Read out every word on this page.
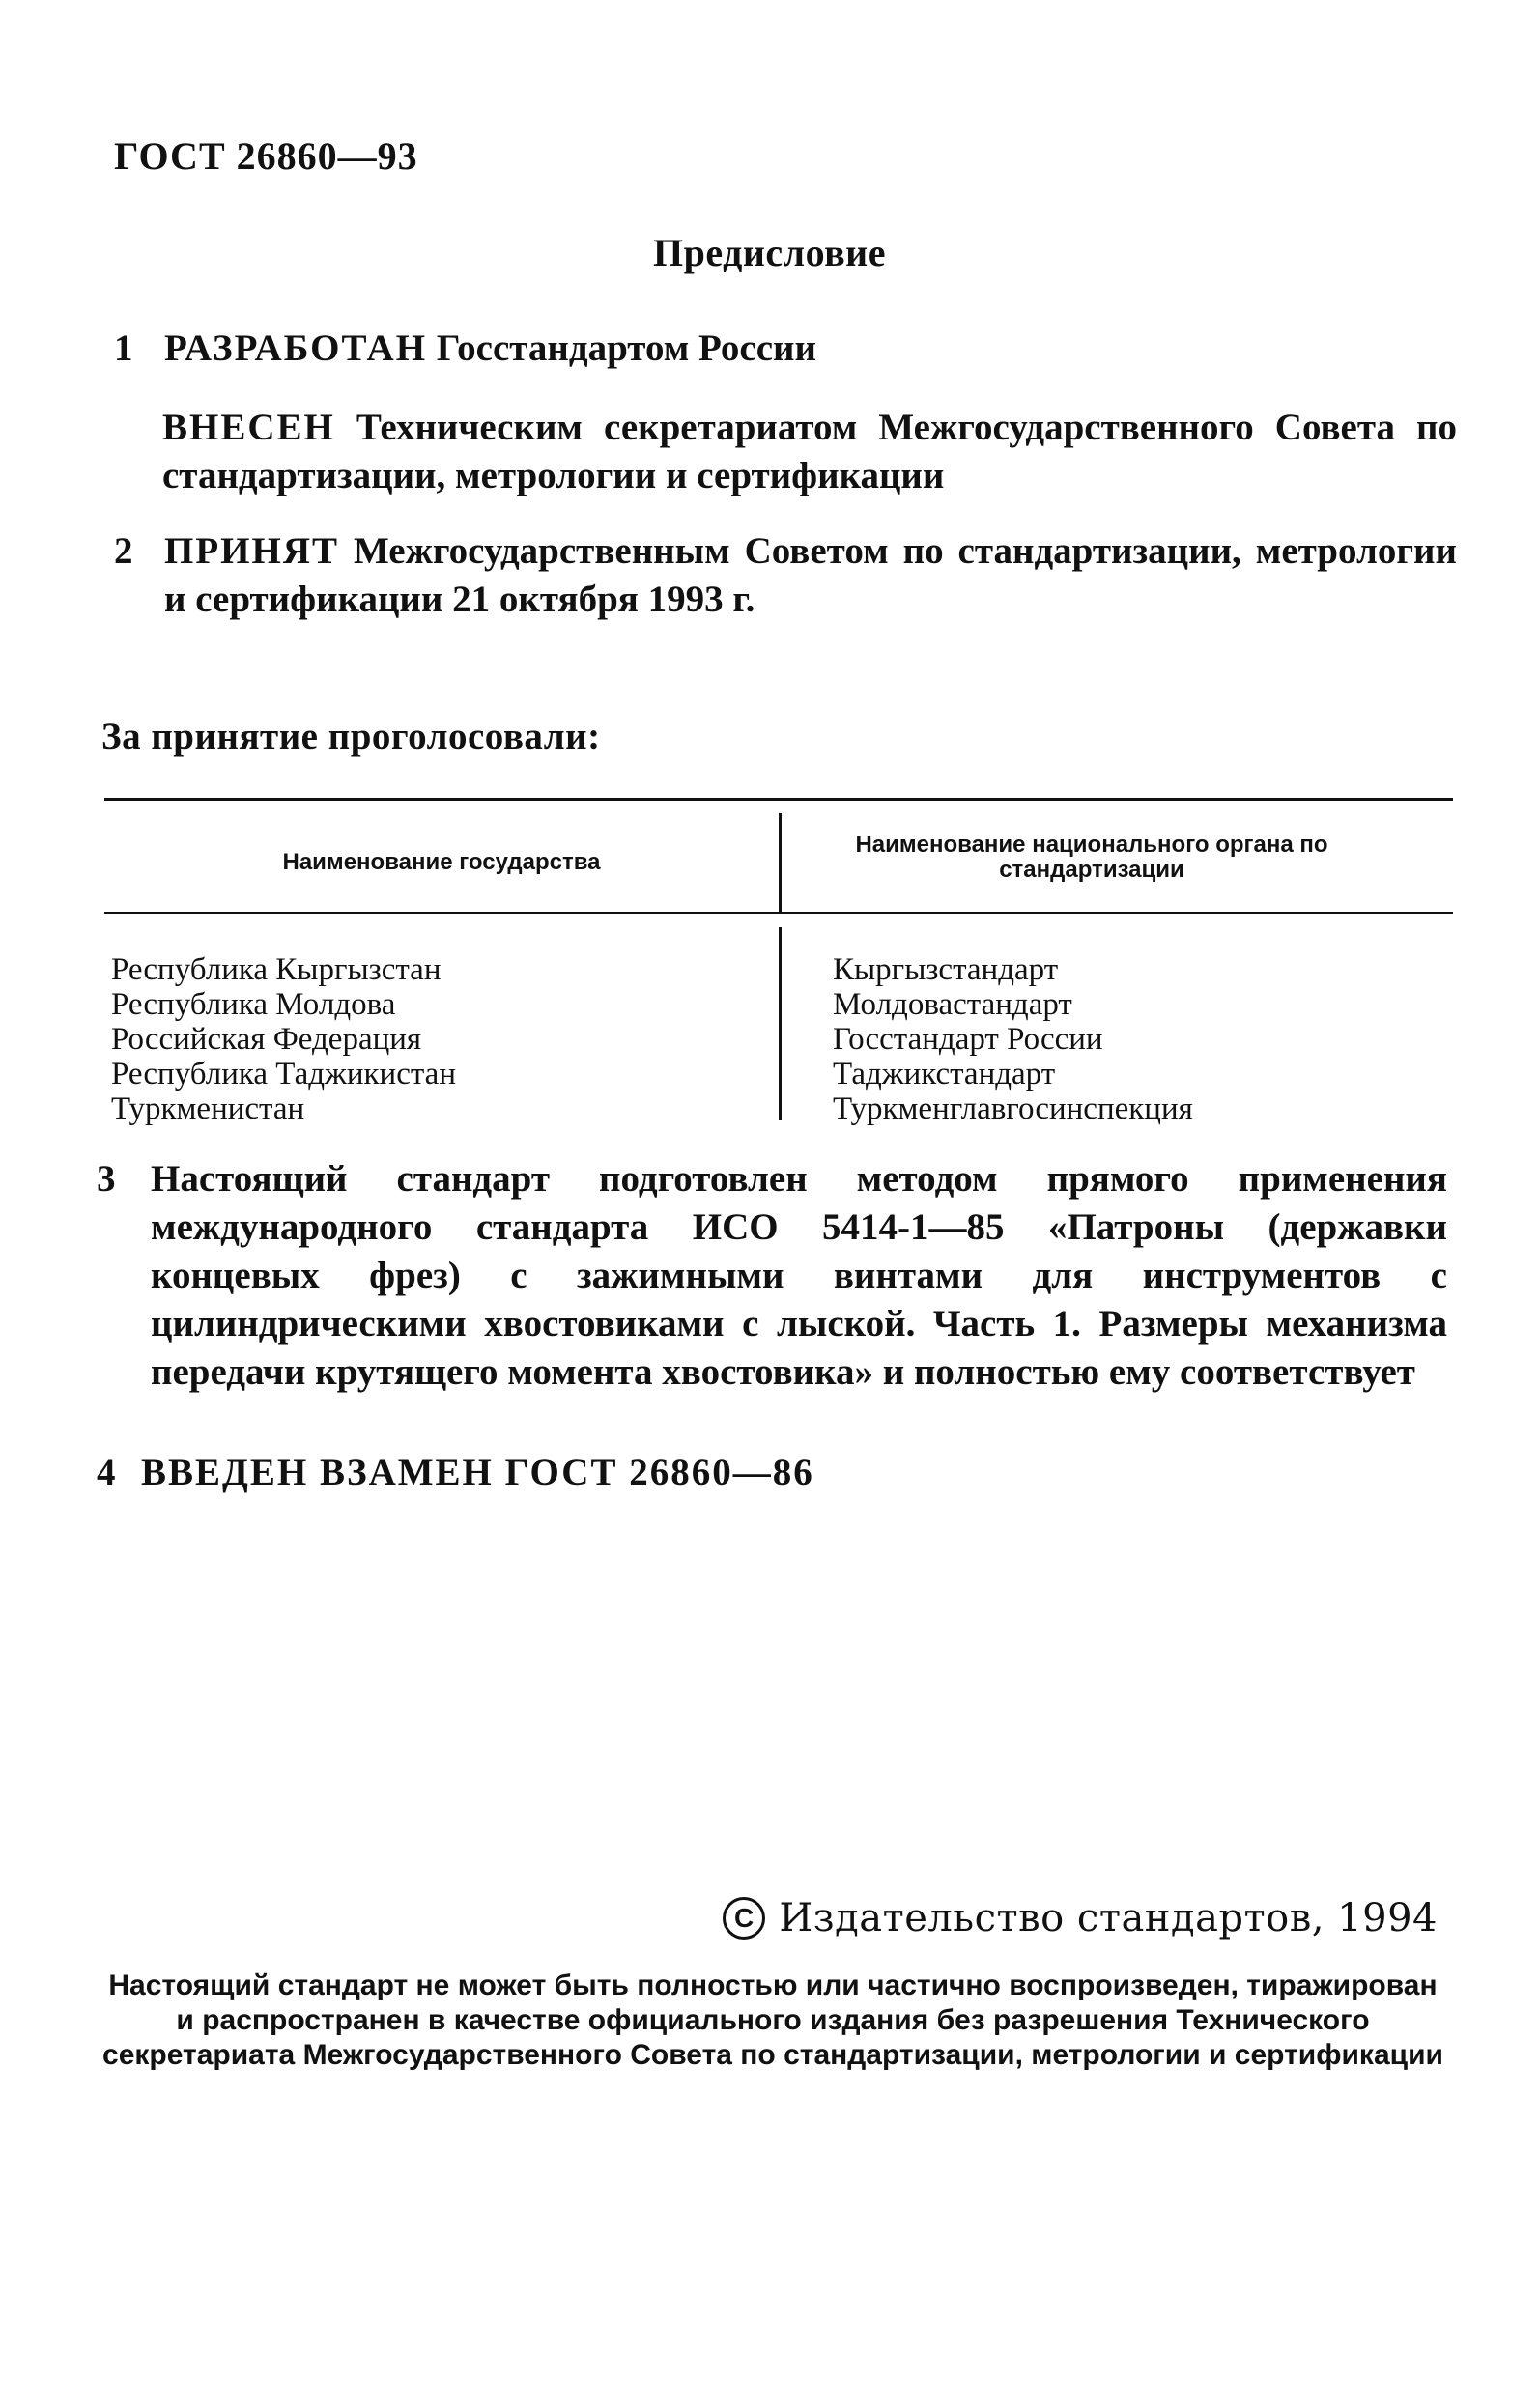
ГОСТ 26860—93
Предисловие
1 РАЗРАБОТАН Госстандартом России
ВНЕСЕН Техническим секретариатом Межгосударственного Совета по стандартизации, метрологии и сертификации
2 ПРИНЯТ Межгосударственным Советом по стандартизации, метрологии и сертификации 21 октября 1993 г.
За принятие проголосовали:
Наименование государства
Наименование национального органа по стандартизации
Республика Кыргызстан
Республика Молдова
Российская Федерация
Республика Таджикистан
Туркменистан
Кыргызстандарт
Молдовастандарт
Госстандарт России
Таджикстандарт
Туркменглавгосинспекция
3 Настоящий стандарт подготовлен методом прямого применения международного стандарта ИСО 5414-1—85 «Патроны (державки концевых фрез) с зажимными винтами для инструментов с цилиндрическими хвостовиками с лыской. Часть 1. Размеры механизма передачи крутящего момента хвостовика» и полностью ему соответствует
4 ВВЕДЕН ВЗАМЕН ГОСТ 26860—86
C Издательство стандартов, 1994
Настоящий стандарт не может быть полностью или частично воспроизведен, тиражирован и распространен в качестве официального издания без разрешения Технического секретариата Межгосударственного Совета по стандартизации, метрологии и сертификации
